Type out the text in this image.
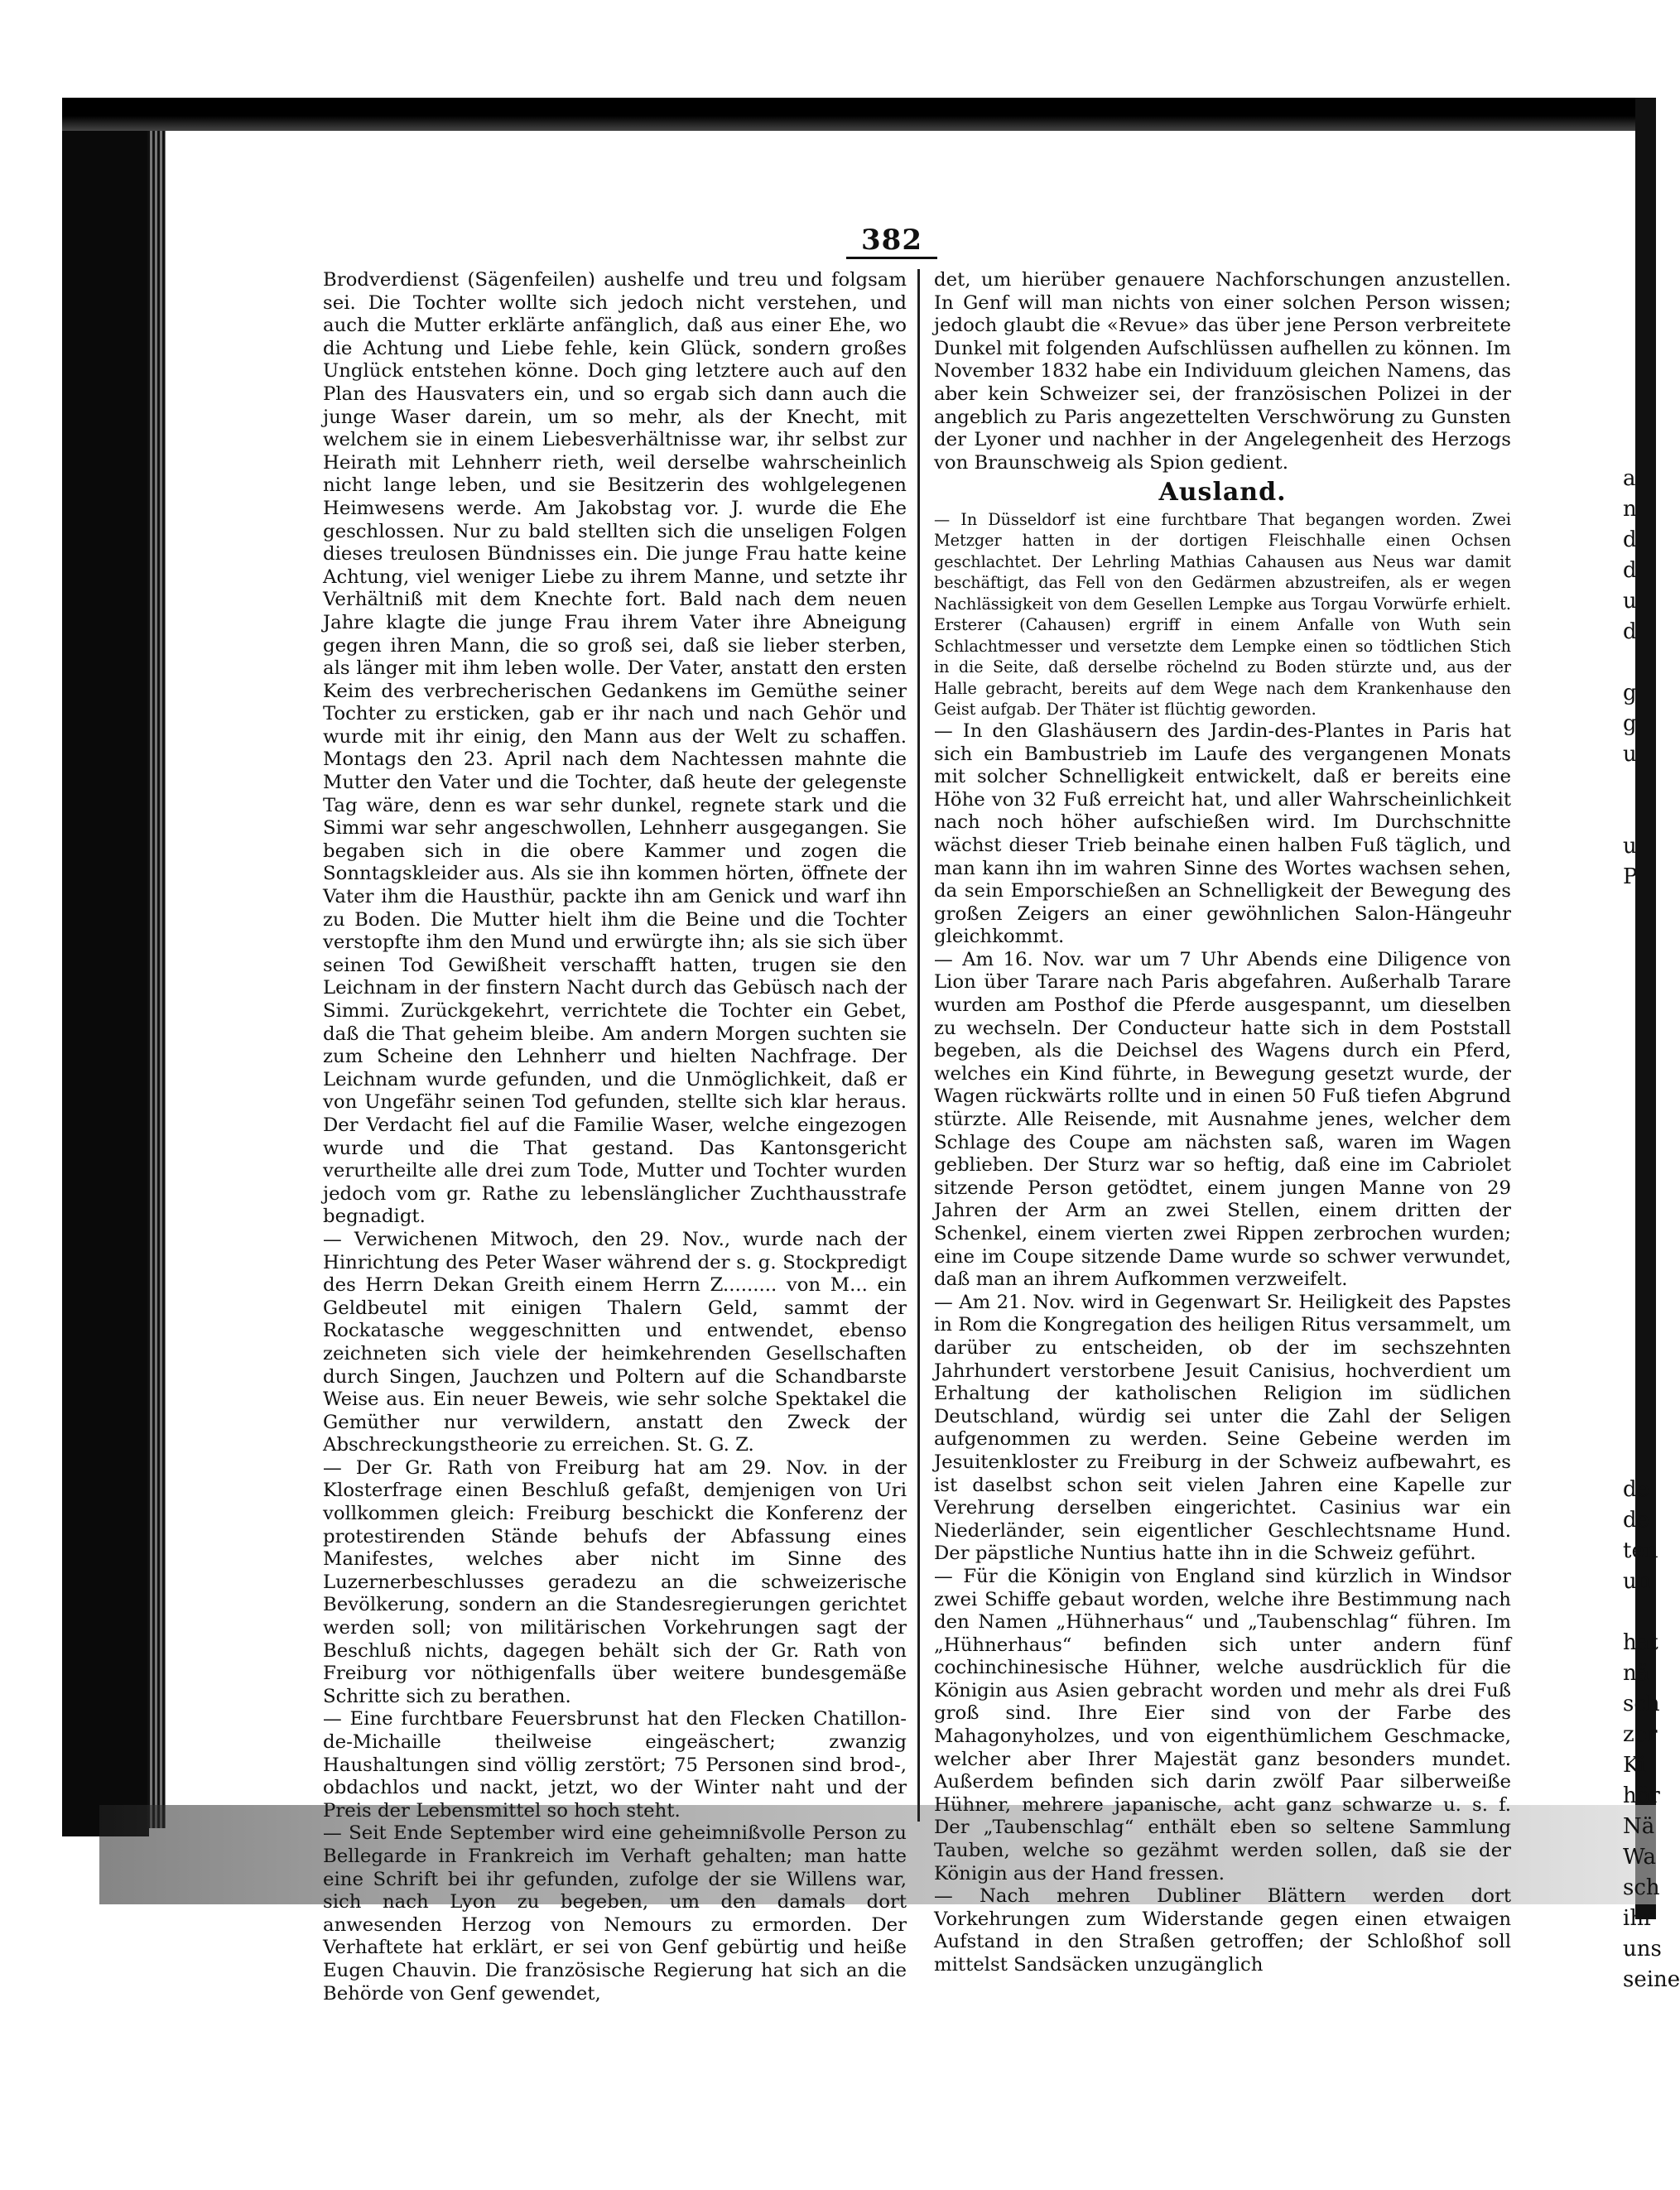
382

Brodverdienst (Sägenfeilen) aushelfe und treu und folgsam sei. Die Tochter wollte sich jedoch nicht verstehen, und auch die Mutter erklärte anfänglich, daß aus einer Ehe, wo die Achtung und Liebe fehle, kein Glück, sondern großes Unglück entstehen könne. Doch ging letztere auch auf den Plan des Hausvaters ein, und so ergab sich dann auch die junge Waser darein, um so mehr, als der Knecht, mit welchem sie in einem Liebesverhältnisse war, ihr selbst zur Heirath mit Lehnherr rieth, weil derselbe wahrscheinlich nicht lange leben, und sie Besitzerin des wohlgelegenen Heimwesens werde. Am Jakobstag vor. J. wurde die Ehe geschlossen. Nur zu bald stellten sich die unseligen Folgen dieses treulosen Bündnisses ein. Die junge Frau hatte keine Achtung, viel weniger Liebe zu ihrem Manne, und setzte ihr Verhältniß mit dem Knechte fort. Bald nach dem neuen Jahre klagte die junge Frau ihrem Vater ihre Abneigung gegen ihren Mann, die so groß sei, daß sie lieber sterben, als länger mit ihm leben wolle. Der Vater, anstatt den ersten Keim des verbrecherischen Gedankens im Gemüthe seiner Tochter zu ersticken, gab er ihr nach und nach Gehör und wurde mit ihr einig, den Mann aus der Welt zu schaffen. Montags den 23. April nach dem Nachtessen mahnte die Mutter den Vater und die Tochter, daß heute der gelegenste Tag wäre, denn es war sehr dunkel, regnete stark und die Simmi war sehr angeschwollen, Lehnherr ausgegangen. Sie begaben sich in die obere Kammer und zogen die Sonntagskleider aus. Als sie ihn kommen hörten, öffnete der Vater ihm die Hausthür, packte ihn am Genick und warf ihn zu Boden. Die Mutter hielt ihm die Beine und die Tochter verstopfte ihm den Mund und erwürgte ihn; als sie sich über seinen Tod Gewißheit verschafft hatten, trugen sie den Leichnam in der finstern Nacht durch das Gebüsch nach der Simmi. Zurückgekehrt, verrichtete die Tochter ein Gebet, daß die That geheim bleibe. Am andern Morgen suchten sie zum Scheine den Lehnherr und hielten Nachfrage. Der Leichnam wurde gefunden, und die Unmöglichkeit, daß er von Ungefähr seinen Tod gefunden, stellte sich klar heraus. Der Verdacht fiel auf die Familie Waser, welche eingezogen wurde und die That gestand. Das Kantonsgericht verurtheilte alle drei zum Tode, Mutter und Tochter wurden jedoch vom gr. Rathe zu lebenslänglicher Zuchthausstrafe begnadigt.

— Verwichenen Mitwoch, den 29. Nov., wurde nach der Hinrichtung des Peter Waser während der s. g. Stockpredigt des Herrn Dekan Greith einem Herrn Z......... von M... ein Geldbeutel mit einigen Thalern Geld, sammt der Rockatasche weggeschnitten und entwendet, ebenso zeichneten sich viele der heimkehrenden Gesellschaften durch Singen, Jauchzen und Poltern auf die Schandbarste Weise aus. Ein neuer Beweis, wie sehr solche Spektakel die Gemüther nur verwildern, anstatt den Zweck der Abschreckungstheorie zu erreichen. St. G. Z.

— Der Gr. Rath von Freiburg hat am 29. Nov. in der Klosterfrage einen Beschluß gefaßt, demjenigen von Uri vollkommen gleich: Freiburg beschickt die Konferenz der protestirenden Stände behufs der Abfassung eines Manifestes, welches aber nicht im Sinne des Luzernerbeschlusses geradezu an die schweizerische Bevölkerung, sondern an die Standesregierungen gerichtet werden soll; von militärischen Vorkehrungen sagt der Beschluß nichts, dagegen behält sich der Gr. Rath von Freiburg vor nöthigenfalls über weitere bundesgemäße Schritte sich zu berathen.

— Eine furchtbare Feuersbrunst hat den Flecken Chatillon-de-Michaille theilweise eingeäschert; zwanzig Haushaltungen sind völlig zerstört; 75 Personen sind brod-, obdachlos und nackt, jetzt, wo der Winter naht und der Preis der Lebensmittel so hoch steht.

— Seit Ende September wird eine geheimnißvolle Person zu Bellegarde in Frankreich im Verhaft gehalten; man hatte eine Schrift bei ihr gefunden, zufolge der sie Willens war, sich nach Lyon zu begeben, um den damals dort anwesenden Herzog von Nemours zu ermorden. Der Verhaftete hat erklärt, er sei von Genf gebürtig und heiße Eugen Chauvin. Die französische Regierung hat sich an die Behörde von Genf gewendet,

det, um hierüber genauere Nachforschungen anzustellen. In Genf will man nichts von einer solchen Person wissen; jedoch glaubt die «Revue» das über jene Person verbreitete Dunkel mit folgenden Aufschlüssen aufhellen zu können. Im November 1832 habe ein Individuum gleichen Namens, das aber kein Schweizer sei, der französischen Polizei in der angeblich zu Paris angezettelten Verschwörung zu Gunsten der Lyoner und nachher in der Angelegenheit des Herzogs von Braunschweig als Spion gedient.

Ausland.

— In Düsseldorf ist eine furchtbare That begangen worden. Zwei Metzger hatten in der dortigen Fleischhalle einen Ochsen geschlachtet. Der Lehrling Mathias Cahausen aus Neus war damit beschäftigt, das Fell von den Gedärmen abzustreifen, als er wegen Nachlässigkeit von dem Gesellen Lempke aus Torgau Vorwürfe erhielt. Ersterer (Cahausen) ergriff in einem Anfalle von Wuth sein Schlachtmesser und versetzte dem Lempke einen so tödtlichen Stich in die Seite, daß derselbe röchelnd zu Boden stürzte und, aus der Halle gebracht, bereits auf dem Wege nach dem Krankenhause den Geist aufgab. Der Thäter ist flüchtig geworden.

— In den Glashäusern des Jardin-des-Plantes in Paris hat sich ein Bambustrieb im Laufe des vergangenen Monats mit solcher Schnelligkeit entwickelt, daß er bereits eine Höhe von 32 Fuß erreicht hat, und aller Wahrscheinlichkeit nach noch höher aufschießen wird. Im Durchschnitte wächst dieser Trieb beinahe einen halben Fuß täglich, und man kann ihn im wahren Sinne des Wortes wachsen sehen, da sein Emporschießen an Schnelligkeit der Bewegung des großen Zeigers an einer gewöhnlichen Salon-Hängeuhr gleichkommt.

— Am 16. Nov. war um 7 Uhr Abends eine Diligence von Lion über Tarare nach Paris abgefahren. Außerhalb Tarare wurden am Posthof die Pferde ausgespannt, um dieselben zu wechseln. Der Conducteur hatte sich in dem Poststall begeben, als die Deichsel des Wagens durch ein Pferd, welches ein Kind führte, in Bewegung gesetzt wurde, der Wagen rückwärts rollte und in einen 50 Fuß tiefen Abgrund stürzte. Alle Reisende, mit Ausnahme jenes, welcher dem Schlage des Coupe am nächsten saß, waren im Wagen geblieben. Der Sturz war so heftig, daß eine im Cabriolet sitzende Person getödtet, einem jungen Manne von 29 Jahren der Arm an zwei Stellen, einem dritten der Schenkel, einem vierten zwei Rippen zerbrochen wurden; eine im Coupe sitzende Dame wurde so schwer verwundet, daß man an ihrem Aufkommen verzweifelt.

— Am 21. Nov. wird in Gegenwart Sr. Heiligkeit des Papstes in Rom die Kongregation des heiligen Ritus versammelt, um darüber zu entscheiden, ob der im sechszehnten Jahrhundert verstorbene Jesuit Canisius, hochverdient um Erhaltung der katholischen Religion im südlichen Deutschland, würdig sei unter die Zahl der Seligen aufgenommen zu werden. Seine Gebeine werden im Jesuitenkloster zu Freiburg in der Schweiz aufbewahrt, es ist daselbst schon seit vielen Jahren eine Kapelle zur Verehrung derselben eingerichtet. Casinius war ein Niederländer, sein eigentlicher Geschlechtsname Hund. Der päpstliche Nuntius hatte ihn in die Schweiz geführt.

— Für die Königin von England sind kürzlich in Windsor zwei Schiffe gebaut worden, welche ihre Bestimmung nach den Namen „Hühnerhaus“ und „Taubenschlag“ führen. Im „Hühnerhaus“ befinden sich unter andern fünf cochinchinesische Hühner, welche ausdrücklich für die Königin aus Asien gebracht worden und mehr als drei Fuß groß sind. Ihre Eier sind von der Farbe des Mahagonyholzes, und von eigenthümlichem Geschmacke, welcher aber Ihrer Majestät ganz besonders mundet. Außerdem befinden sich darin zwölf Paar silberweiße Hühner, mehrere japanische, acht ganz schwarze u. s. f. Der „Taubenschlag“ enthält eben so seltene Sammlung Tauben, welche so gezähmt werden sollen, daß sie der Königin aus der Hand fressen.

— Nach mehren Dubliner Blättern werden dort Vorkehrungen zum Widerstande gegen einen etwaigen Aufstand in den Straßen getroffen; der Schloßhof soll mittelst Sandsäcken unzugänglich

a
n
d
d
u
d

g
g
u

u
P

de
de
ten
un

hat
nä
sch
zer
Ki
hör
Nä
Wa
sch
ihr
uns
seine
